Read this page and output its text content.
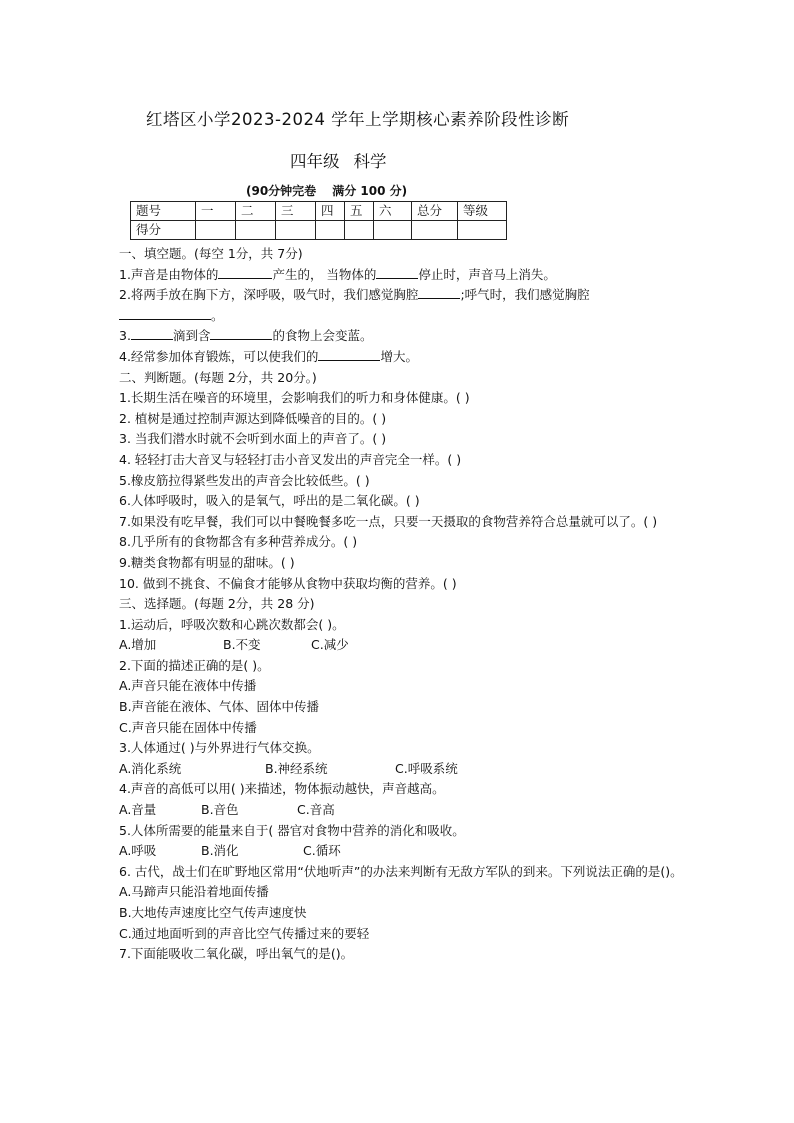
红塔区小学2023-2024 学年上学期核心素养阶段性诊断
四年级 科学
(90分钟完卷 满分 100 分)
题号	一	二	三	四	五	六	总分	等级
得分								

一、填空题。(每空 1分，共 7分)

1.声音是由物体的	产生的， 当物体的	停止时，声音马上消失。

2.将两手放在胸下方，深呼吸，吸气时，我们感觉胸腔	;呼气时，我们感觉胸腔

。

3.	滴到含	的食物上会变蓝。

4.经常参加体育锻炼，可以使我们的	增大。

二、判断题。(每题 2分，共 20分。)

1.长期生活在噪音的环境里，会影响我们的听力和身体健康。( )

2. 植树是通过控制声源达到降低噪音的目的。( )

3. 当我们潜水时就不会听到水面上的声音了。( )

4. 轻轻打击大音叉与轻轻打击小音叉发出的声音完全一样。( )

5.橡皮筋拉得紧些发出的声音会比较低些。( )

6.人体呼吸时，吸入的是氧气，呼出的是二氧化碳。( )

7.如果没有吃早餐，我们可以中餐晚餐多吃一点，只要一天摄取的食物营养符合总量就可以了。( )

8.几乎所有的食物都含有多种营养成分。( )

9.糖类食物都有明显的甜味。( )

10. 做到不挑食、不偏食才能够从食物中获取均衡的营养。( )

三、选择题。(每题 2分，共 28 分)

1.运动后，呼吸次数和心跳次数都会( )。

A.增加	B.不变	C.减少

2.下面的描述正确的是( )。

A.声音只能在液体中传播

B.声音能在液体、气体、固体中传播

C.声音只能在固体中传播

3.人体通过( )与外界进行气体交换。

A.消化系统	B.神经系统	C.呼吸系统

4.声音的高低可以用( )来描述，物体振动越快，声音越高。

A.音量	B.音色	C.音高

5.人体所需要的能量来自于( 器官对食物中营养的消化和吸收。

A.呼吸	B.消化	C.循环

6. 古代，战士们在旷野地区常用“伏地听声”的办法来判断有无敌方军队的到来。下列说法正确的是()。

A.马蹄声只能沿着地面传播

B.大地传声速度比空气传声速度快

C.通过地面听到的声音比空气传播过来的要轻

7.下面能吸收二氧化碳，呼出氧气的是()。
